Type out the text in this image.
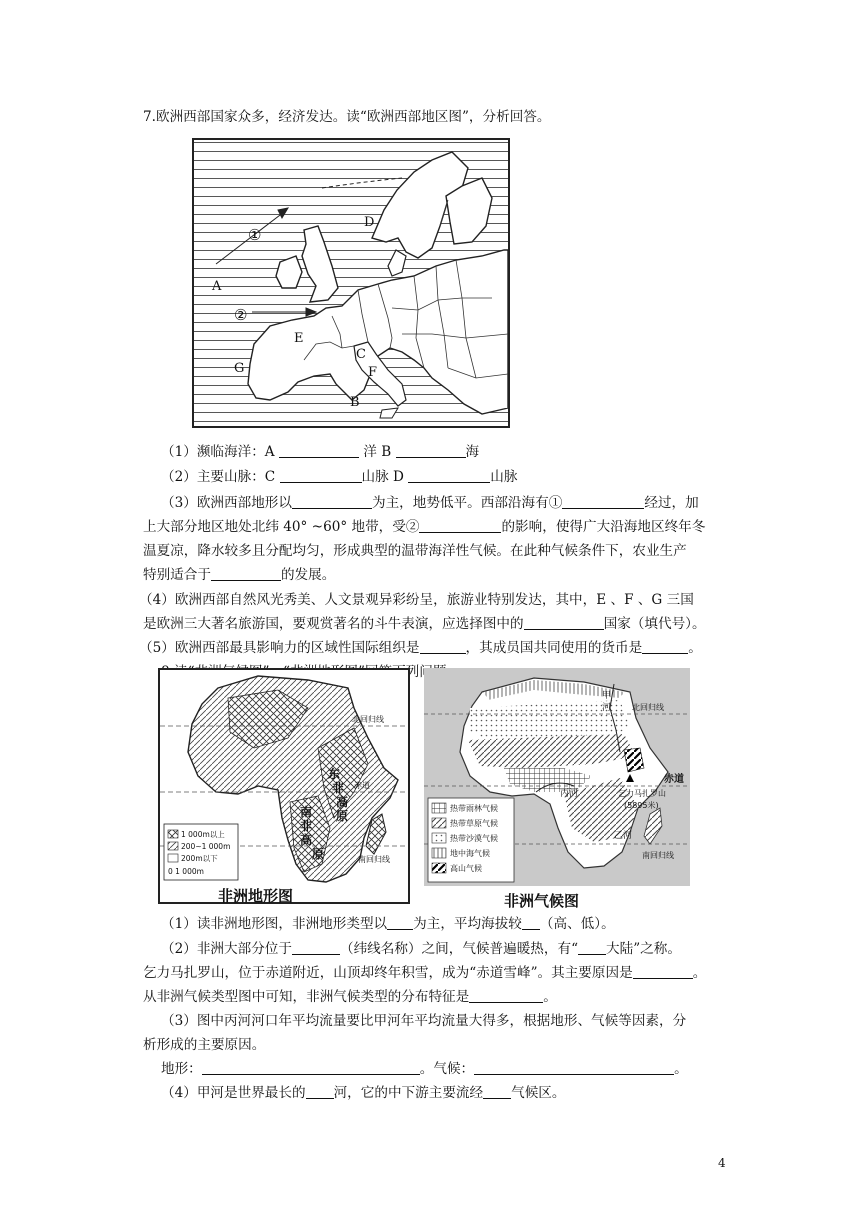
7.欧洲西部国家众多，经济发达。读“欧洲西部地区图”，分析回答。
A
B
C
D
E
F
G
①
②
（1）濒临海洋：A	洋 B	海
（2）主要山脉：C	山脉 D	山脉
（3）欧洲西部地形以	为主，地势低平。西部沿海有①	经过，加
上大部分地区地处北纬 40° ~60° 地带，受②	的影响，使得广大沿海地区终年冬
温夏凉，降水较多且分配均匀，形成典型的温带海洋性气候。在此种气候条件下，农业生产
特别适合于	的发展。
（4）欧洲西部自然风光秀美、人文景观异彩纷呈，旅游业特别发达，其中，E 、F 、G 三国
是欧洲三大著名旅游国，要观赏著名的斗牛表演，应选择图中的	国家（填代号）。
（5）欧洲西部最具影响力的区域性国际组织是	，其成员国共同使用的货币是	。
北回归线
赤道
南回归线
东
非
高
原
南
非
高
原
1 000m以上
200~1 000m
200m以下
0 1 000m
非洲地形图
北回归线
赤道
南回归线
甲
河
丙河
乙河
乞力马扎罗山
(5895米)
热带雨林气候
热带草原气候
热带沙漠气候
地中海气候
高山气候
非洲气候图
（1）读非洲地形图，非洲地形类型以 为主，平均海拔较 （高、低）。
（2）非洲大部分位于	（纬线名称）之间，气候普遍暖热，有“ 大陆”之称。
乞力马扎罗山，位于赤道附近，山顶却终年积雪，成为“赤道雪峰”。其主要原因是	。
从非洲气候类型图中可知，非洲气候类型的分布特征是	。
（3）图中丙河河口年平均流量要比甲河年平均流量大得多，根据地形、气候等因素，分
析形成的主要原因。
地形：	。气候：	。
（4）甲河是世界最长的 河，它的中下游主要流经 气候区。
4
